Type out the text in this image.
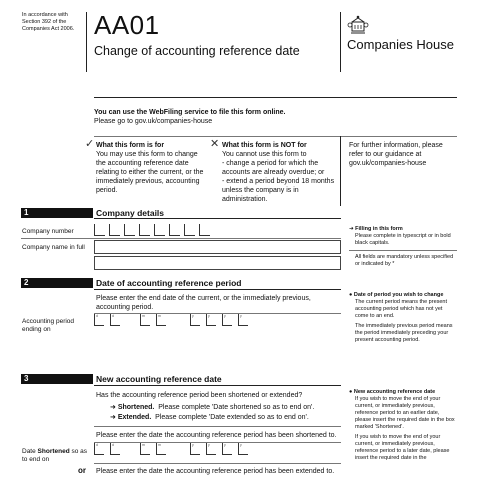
In accordance with Section 392 of the Companies Act 2006. AA01
Change of accounting reference date	Companies House
You can use the WebFiling service to file this form online.
Please go to gov.uk/companies-house
✓ What this form is for
You may use this form to change the accounting reference date relating to either the current, or the immediately previous, accounting period.
✕ What this form is NOT for
You cannot use this form to
- change a period for which the accounts are already overdue; or
- extend a period beyond 18 months unless the company is in administration.
For further information, please refer to our guidance at gov.uk/companies-house
1	Company details
Company number
Company name in full
➜ Filling in this form
Please complete in typescript or in bold black capitals.
All fields are mandatory unless specified or indicated by *
2	Date of accounting reference period
Please enter the end date of the current, or the immediately previous, accounting period.
Accounting period ending on
d	d	m	m	y	y	y	y
● Date of period you wish to change
The current period means the present accounting period which has not yet come to an end.
The immediately previous period means the period immediately preceding your present accounting period.
3	New accounting reference date
Has the accounting reference period been shortened or extended?
➜ Shortened. Please complete 'Date shortened so as to end on'.
➜ Extended. Please complete 'Date extended so as to end on'.
Please enter the date the accounting reference period has been shortened to.
Date Shortened so as to end on
d	d	m	m	y	y	y	y
or Please enter the date the accounting reference period has been extended to.
● New accounting reference date
If you wish to move the end of your current, or immediately previous, reference period to an earlier date, please insert the required date in the box marked 'Shortened'.
If you wish to move the end of your current, or immediately previous, reference period to a later date, please insert the required date in the
